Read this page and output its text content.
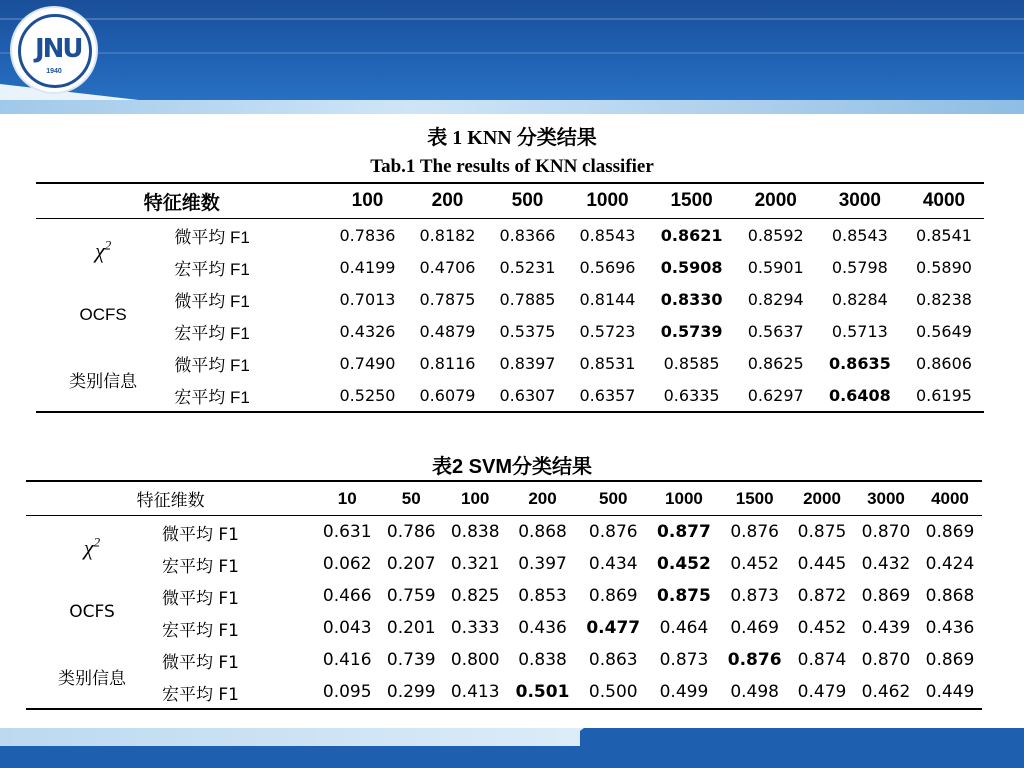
JNU
1940
表 1 KNN 分类结果
Tab.1 The results of KNN classifier
特征维数		100	200	500	1000	1500	2000	3000	4000
$\chi^2$	微平均 F1	0.7836	0.8182	0.8366	0.8543	0.8621	0.8592	0.8543	0.8541
	宏平均 F1	0.4199	0.4706	0.5231	0.5696	0.5908	0.5901	0.5798	0.5890
OCFS	微平均 F1	0.7013	0.7875	0.7885	0.8144	0.8330	0.8294	0.8284	0.8238
	宏平均 F1	0.4326	0.4879	0.5375	0.5723	0.5739	0.5637	0.5713	0.5649
类别信息	微平均 F1	0.7490	0.8116	0.8397	0.8531	0.8585	0.8625	0.8635	0.8606
	宏平均 F1	0.5250	0.6079	0.6307	0.6357	0.6335	0.6297	0.6408	0.6195
表2 SVM分类结果
特征维数		10	50	100	200	500	1000	1500	2000	3000	4000
$\chi^2$	微平均 F1	0.631	0.786	0.838	0.868	0.876	0.877	0.876	0.875	0.870	0.869
	宏平均 F1	0.062	0.207	0.321	0.397	0.434	0.452	0.452	0.445	0.432	0.424
OCFS	微平均 F1	0.466	0.759	0.825	0.853	0.869	0.875	0.873	0.872	0.869	0.868
	宏平均 F1	0.043	0.201	0.333	0.436	0.477	0.464	0.469	0.452	0.439	0.436
类别信息	微平均 F1	0.416	0.739	0.800	0.838	0.863	0.873	0.876	0.874	0.870	0.869
	宏平均 F1	0.095	0.299	0.413	0.501	0.500	0.499	0.498	0.479	0.462	0.449
